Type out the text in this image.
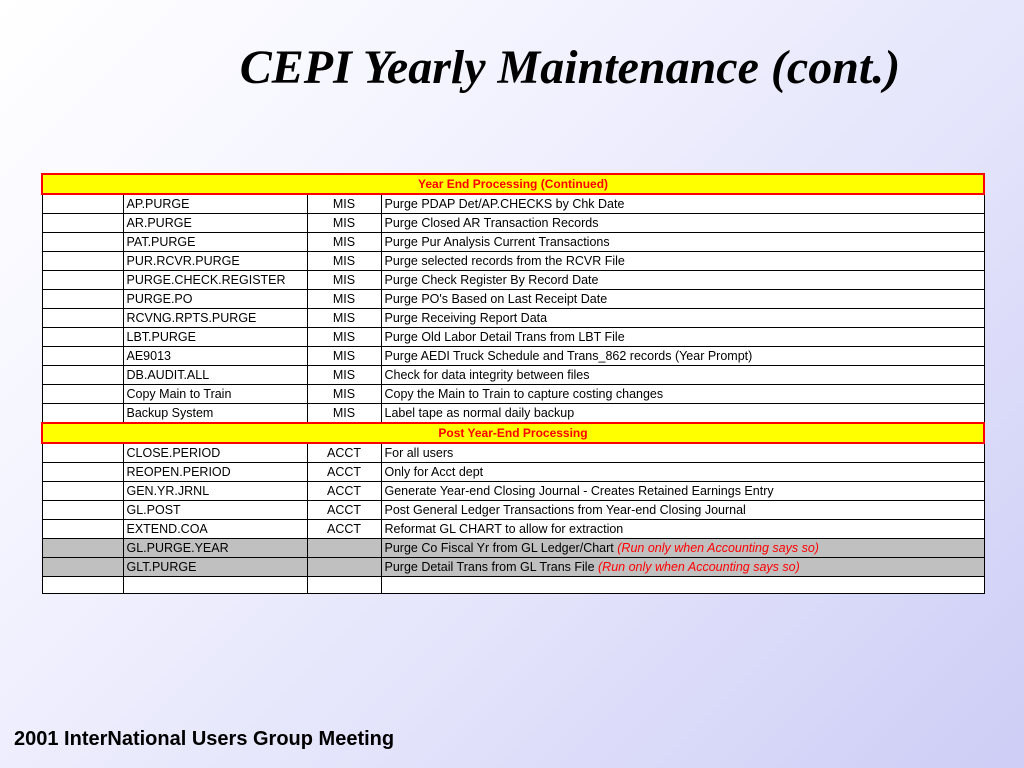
CEPI Yearly Maintenance (cont.)
Year End Processing (Continued)			
	AP.PURGE	MIS	Purge PDAP Det/AP.CHECKS by Chk Date
	AR.PURGE	MIS	Purge Closed AR Transaction Records
	PAT.PURGE	MIS	Purge Pur Analysis Current Transactions
	PUR.RCVR.PURGE	MIS	Purge selected records from the RCVR File
	PURGE.CHECK.REGISTER	MIS	Purge Check Register By Record Date
	PURGE.PO	MIS	Purge PO's Based on Last Receipt Date
	RCVNG.RPTS.PURGE	MIS	Purge Receiving Report Data
	LBT.PURGE	MIS	Purge Old Labor Detail Trans from LBT File
	AE9013	MIS	Purge AEDI Truck Schedule and Trans_862 records (Year Prompt)
	DB.AUDIT.ALL	MIS	Check for data integrity between files
	Copy Main to Train	MIS	Copy the Main to Train to capture costing changes
	Backup System	MIS	Label tape as normal daily backup
Post Year-End Processing			
	CLOSE.PERIOD	ACCT	For all users
	REOPEN.PERIOD	ACCT	Only for Acct dept
	GEN.YR.JRNL	ACCT	Generate Year-end Closing Journal - Creates Retained Earnings Entry
	GL.POST	ACCT	Post General Ledger Transactions from Year-end Closing Journal
	EXTEND.COA	ACCT	Reformat GL CHART to allow for extraction
	GL.PURGE.YEAR		Purge Co Fiscal Yr from GL Ledger/Chart (Run only when Accounting says so)
	GLT.PURGE		Purge Detail Trans from GL Trans File (Run only when Accounting says so)

2001 InterNational Users Group Meeting
